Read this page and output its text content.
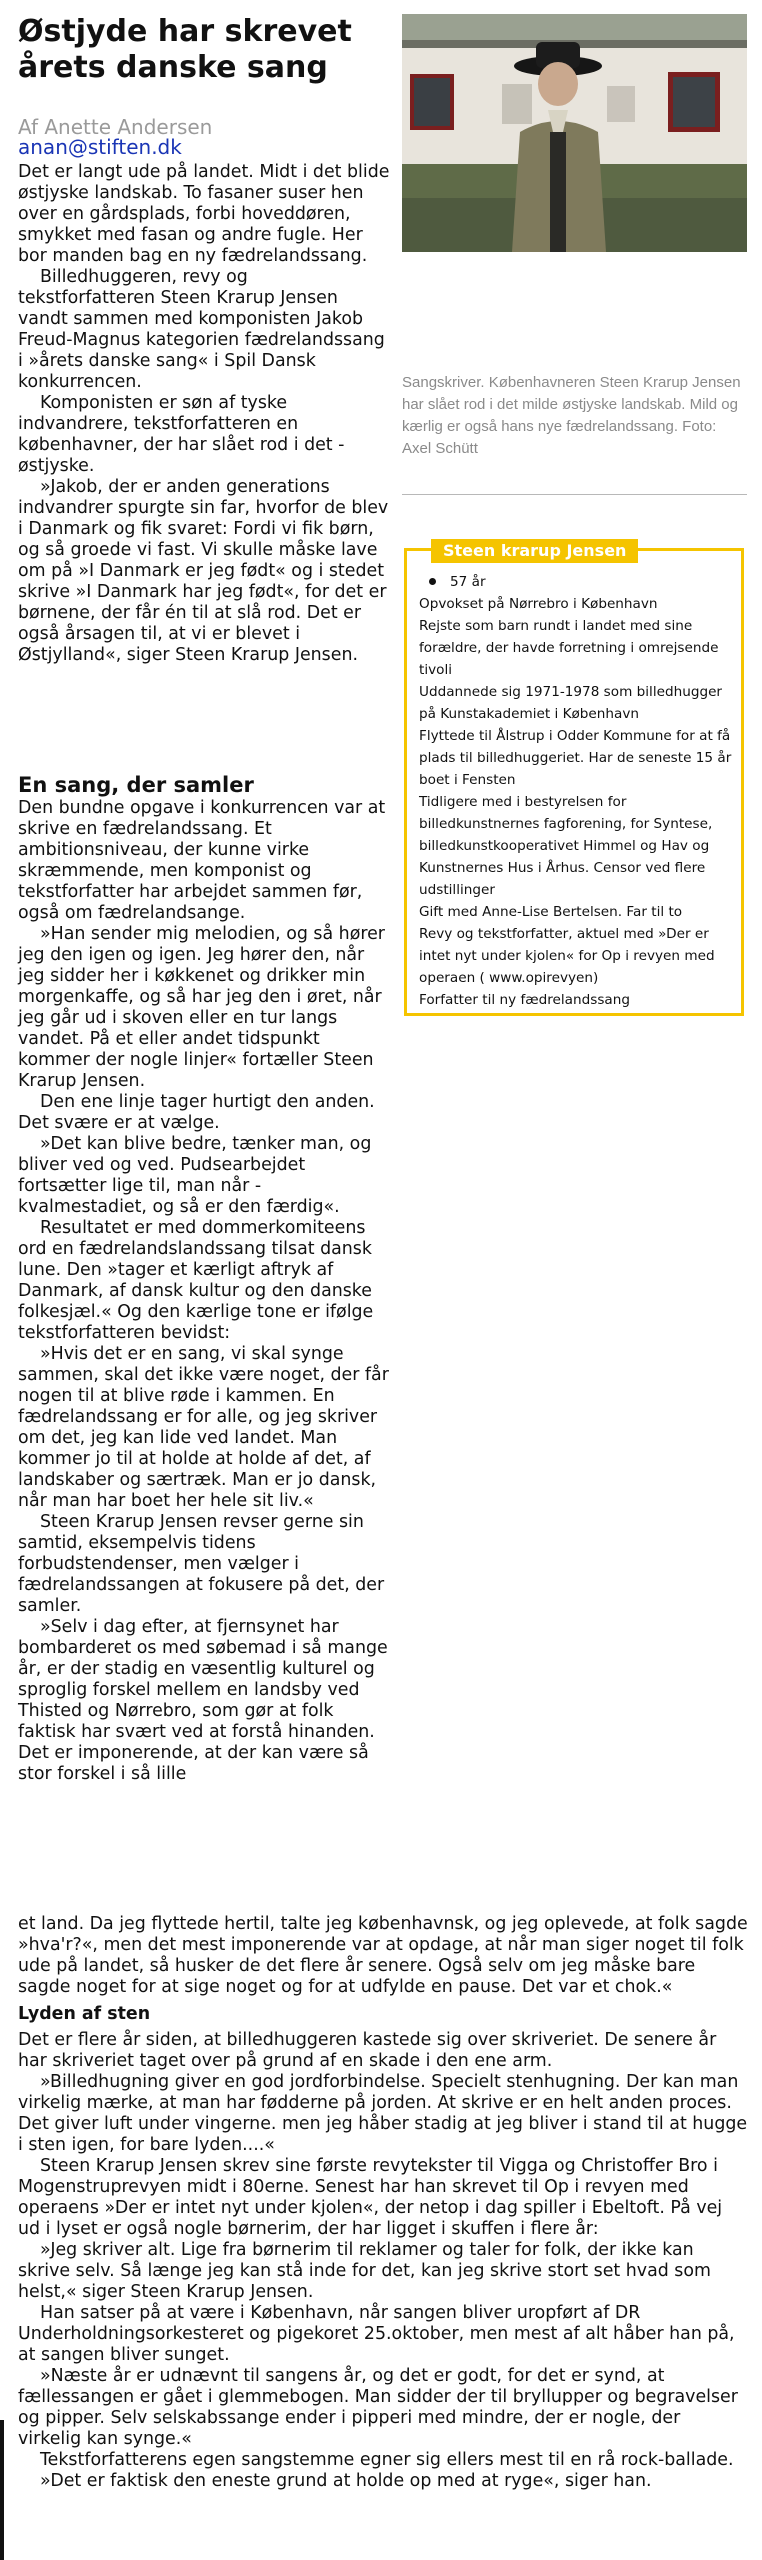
Østjyde har skrevet
årets danske sang
Af Anette Andersen
anan@stiften.dk

Det er langt ude på landet. Midt i det blide østjyske landskab. To fasaner suser hen over en gårdsplads, forbi hoveddøren, smykket med fasan og andre fugle. Her bor manden bag en ny fædrelandssang.

Billedhuggeren, revy og tekstforfatteren Steen Krarup Jensen vandt sammen med komponisten Jakob Freud-Magnus kategorien fædrelandssang i »årets danske sang« i Spil Dansk konkurrencen.

Komponisten er søn af tyske indvandrere, tekstforfatteren en københavner, der har slået rod i det - østjyske.

»Jakob, der er anden generations indvandrer spurgte sin far, hvorfor de blev i Danmark og fik svaret: Fordi vi fik børn, og så groede vi fast. Vi skulle måske lave om på »I Danmark er jeg født« og i stedet skrive »I Danmark har jeg født«, for det er børnene, der får én til at slå rod. Det er også årsagen til, at vi er blevet i Østjylland«, siger Steen Krarup Jensen.

En sang, der samler

Den bundne opgave i konkurrencen var at skrive en fædrelandssang. Et ambitionsniveau, der kunne virke skræmmende, men komponist og tekstforfatter har arbejdet sammen før, også om fædrelandsange.

»Han sender mig melodien, og så hører jeg den igen og igen. Jeg hører den, når jeg sidder her i køkkenet og drikker min morgenkaffe, og så har jeg den i øret, når jeg går ud i skoven eller en tur langs vandet. På et eller andet tidspunkt kommer der nogle linjer« fortæller Steen Krarup Jensen.

Den ene linje tager hurtigt den anden. Det svære er at vælge.

»Det kan blive bedre, tænker man, og bliver ved og ved. Pudsearbejdet fortsætter lige til, man når - kvalmestadiet, og så er den færdig«.

Resultatet er med dommerkomiteens ord en fædrelandslandssang tilsat dansk lune. Den »tager et kærligt aftryk af Danmark, af dansk kultur og den danske folkesjæl.« Og den kærlige tone er ifølge tekstforfatteren bevidst:

»Hvis det er en sang, vi skal synge sammen, skal det ikke være noget, der får nogen til at blive røde i kammen. En fædrelandssang er for alle, og jeg skriver om det, jeg kan lide ved landet. Man kommer jo til at holde at holde af det, af landskaber og særtræk. Man er jo dansk, når man har boet her hele sit liv.«

Steen Krarup Jensen revser gerne sin samtid, eksempelvis tidens forbudstendenser, men vælger i fædrelandssangen at fokusere på det, der samler.

»Selv i dag efter, at fjernsynet har bombarderet os med søbemad i så mange år, er der stadig en væsentlig kulturel og sproglig forskel mellem en landsby ved Thisted og Nørrebro, som gør at folk faktisk har svært ved at forstå hinanden. Det er imponerende, at der kan være så stor forskel i så lille

et land. Da jeg flyttede hertil, talte jeg københavnsk, og jeg oplevede, at folk sagde »hva'r?«, men det mest imponerende var at opdage, at når man siger noget til folk ude på landet, så husker de det flere år senere. Også selv om jeg måske bare sagde noget for at sige noget og for at udfylde en pause. Det var et chok.«

Lyden af sten

Det er flere år siden, at billedhuggeren kastede sig over skriveriet. De senere år har skriveriet taget over på grund af en skade i den ene arm.

»Billedhugning giver en god jordforbindelse. Specielt stenhugning. Der kan man virkelig mærke, at man har fødderne på jorden. At skrive er en helt anden proces. Det giver luft under vingerne. men jeg håber stadig at jeg bliver i stand til at hugge i sten igen, for bare lyden....«

Steen Krarup Jensen skrev sine første revytekster til Vigga og Christoffer Bro i Mogenstruprevyen midt i 80erne. Senest har han skrevet til Op i revyen med operaens »Der er intet nyt under kjolen«, der netop i dag spiller i Ebeltoft. På vej ud i lyset er også nogle børnerim, der har ligget i skuffen i flere år:

»Jeg skriver alt. Lige fra børnerim til reklamer og taler for folk, der ikke kan skrive selv. Så længe jeg kan stå inde for det, kan jeg skrive stort set hvad som helst,« siger Steen Krarup Jensen.

Han satser på at være i København, når sangen bliver uropført af DR Underholdningsorkesteret og pigekoret 25.oktober, men mest af alt håber han på, at sangen bliver sunget.

»Næste år er udnævnt til sangens år, og det er godt, for det er synd, at fællessangen er gået i glemmebogen. Man sidder der til bryllupper og begravelser og pipper. Selv selskabssange ender i pipperi med mindre, der er nogle, der virkelig kan synge.«

Tekstforfatterens egen sangstemme egner sig ellers mest til en rå rock-ballade.

»Det er faktisk den eneste grund at holde op med at ryge«, siger han.

Sangskriver. Københavneren Steen Krarup Jensen har slået rod i det milde østjyske landskab. Mild og kærlig er også hans nye fædrelandssang. Foto: Axel Schütt
Steen krarup Jensen

57 år

Opvokset på Nørrebro i København

Rejste som barn rundt i landet med sine forældre, der havde forretning i omrejsende tivoli

Uddannede sig 1971-1978 som billedhugger på Kunstakademiet i København

Flyttede til Ålstrup i Odder Kommune for at få plads til billedhuggeriet. Har de seneste 15 år boet i Fensten

Tidligere med i bestyrelsen for billedkunstnernes fagforening, for Syntese, billedkunstkooperativet Himmel og Hav og Kunstnernes Hus i Århus. Censor ved flere udstillinger

Gift med Anne-Lise Bertelsen. Far til to

Revy og tekstforfatter, aktuel med »Der er intet nyt under kjolen« for Op i revyen med operaen ( www.opirevyen)

Forfatter til ny fædrelandssang
